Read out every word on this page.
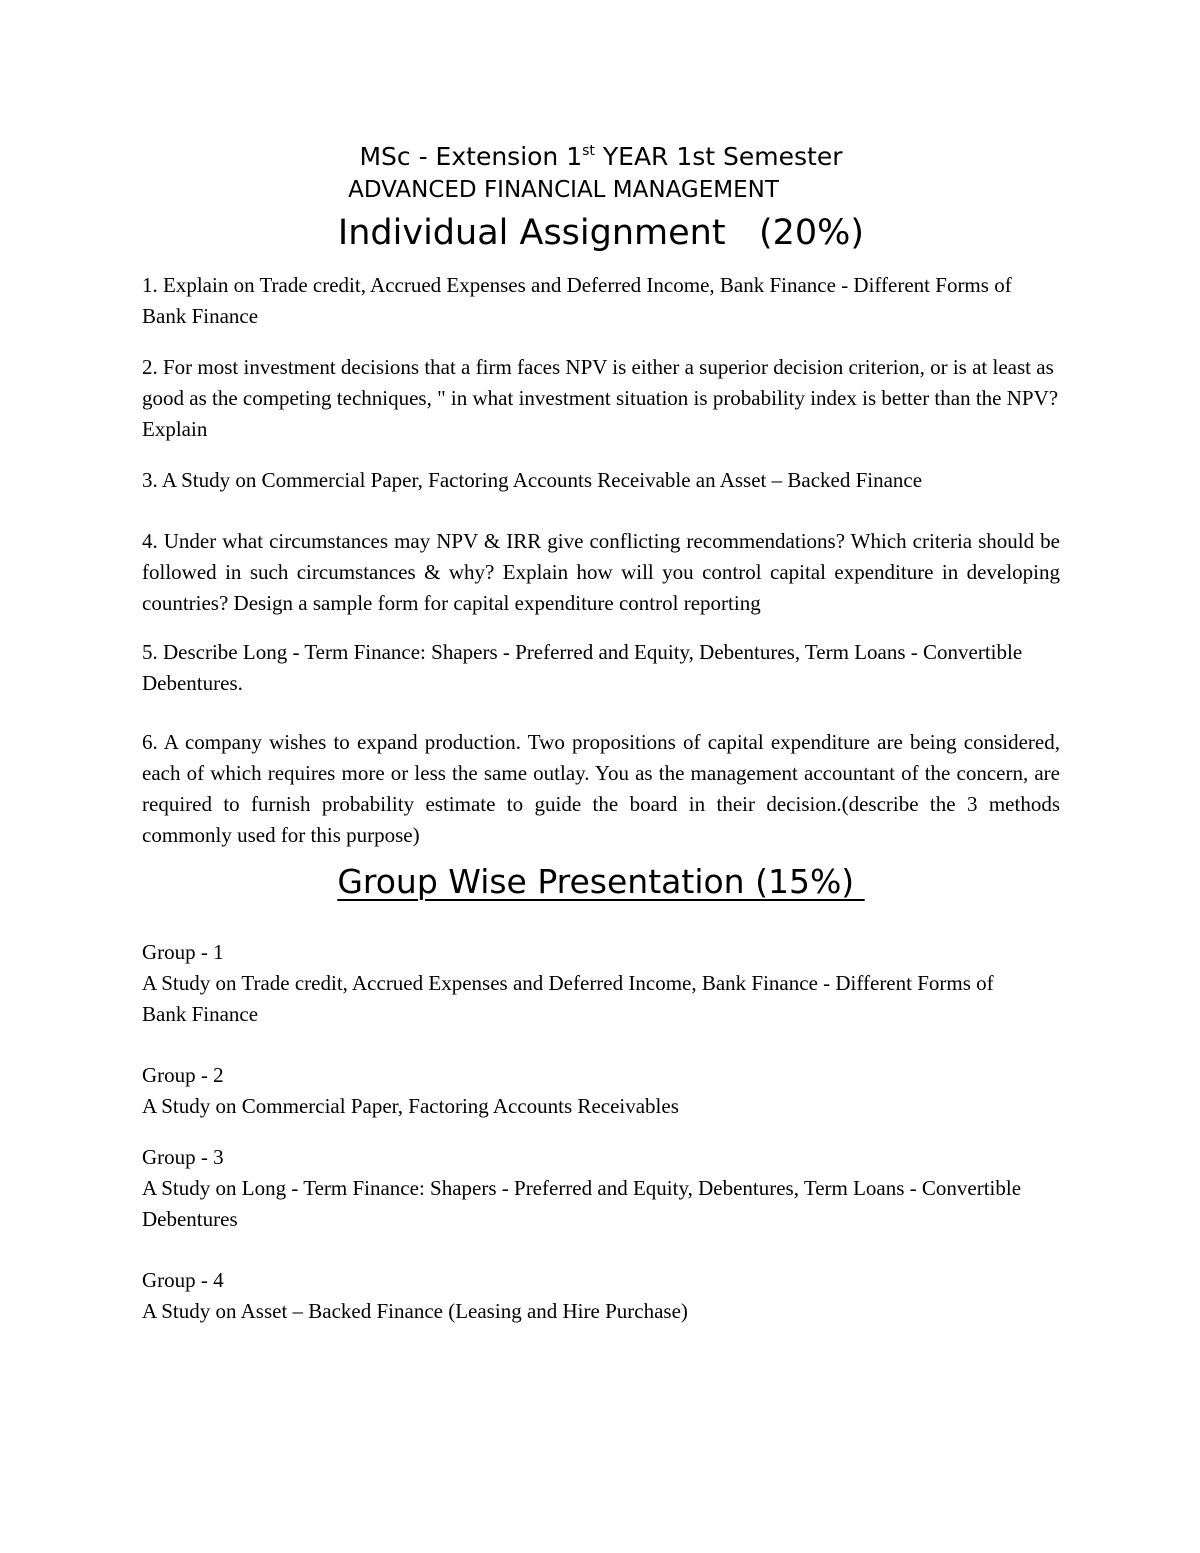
MSc - Extension 1st YEAR 1st Semester

ADVANCED FINANCIAL MANAGEMENT

Individual Assignment   (20%)

1. Explain on Trade credit, Accrued Expenses and Deferred Income, Bank Finance - Different Forms of Bank Finance

2. For most investment decisions that a firm faces NPV is either a superior decision criterion, or is at least as good as the competing techniques, " in what investment situation is probability index is better than the NPV? Explain

3. A Study on Commercial Paper, Factoring Accounts Receivable an Asset – Backed Finance

4. Under what circumstances may NPV & IRR give conflicting recommendations? Which criteria should be followed in such circumstances & why? Explain how will you control capital expenditure in developing countries? Design a sample form for capital expenditure control reporting

5. Describe Long - Term Finance: Shapers - Preferred and Equity, Debentures, Term Loans - Convertible Debentures.

6. A company wishes to expand production. Two propositions of capital expenditure are being considered, each of which requires more or less the same outlay. You as the management accountant of the concern, are required to furnish probability estimate to guide the board in their decision.(describe the 3 methods commonly used for this purpose)

Group Wise Presentation (15%)

Group - 1
A Study on Trade credit, Accrued Expenses and Deferred Income, Bank Finance - Different Forms of Bank Finance
Group - 2
A Study on Commercial Paper, Factoring Accounts Receivables
Group - 3
A Study on Long - Term Finance: Shapers - Preferred and Equity, Debentures, Term Loans - Convertible Debentures
Group - 4
A Study on Asset – Backed Finance (Leasing and Hire Purchase)
